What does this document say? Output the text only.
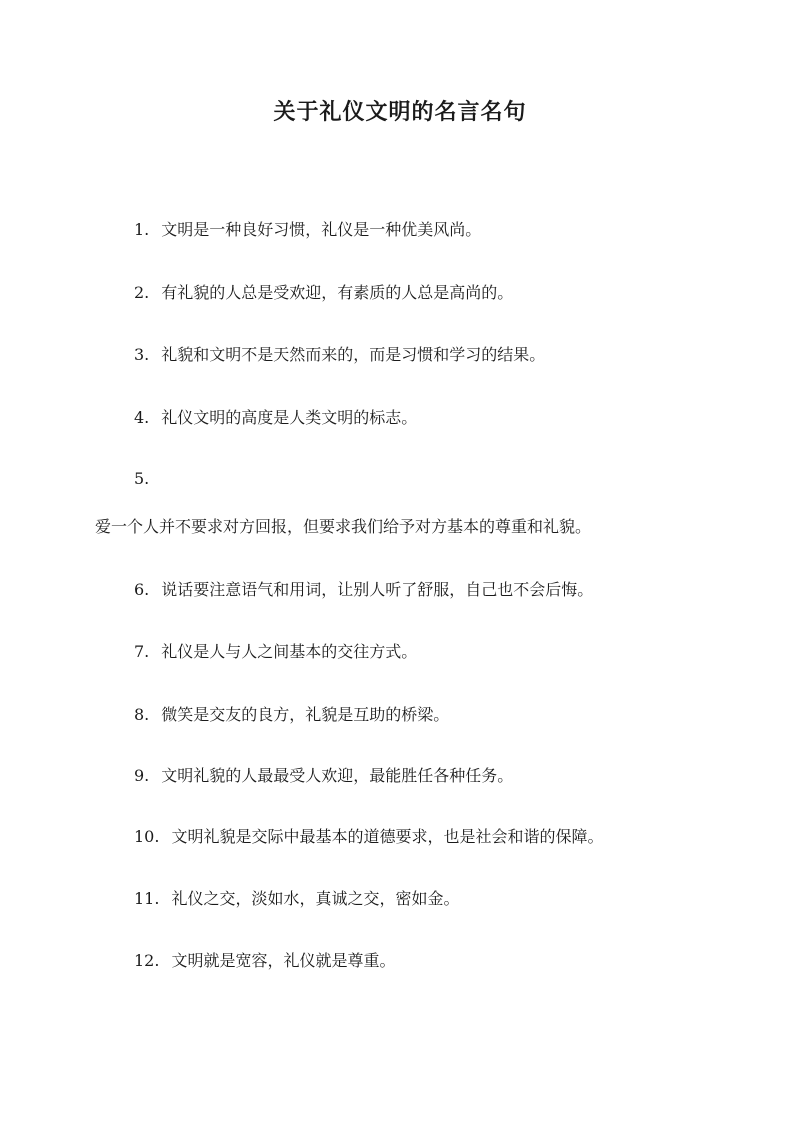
关于礼仪文明的名言名句
1. 文明是一种良好习惯，礼仪是一种优美风尚。
2. 有礼貌的人总是受欢迎，有素质的人总是高尚的。
3. 礼貌和文明不是天然而来的，而是习惯和学习的结果。
4. 礼仪文明的高度是人类文明的标志。
5.
爱一个人并不要求对方回报，但要求我们给予对方基本的尊重和礼貌。
6. 说话要注意语气和用词，让别人听了舒服，自己也不会后悔。
7. 礼仪是人与人之间基本的交往方式。
8. 微笑是交友的良方，礼貌是互助的桥梁。
9. 文明礼貌的人最最受人欢迎，最能胜任各种任务。
10. 文明礼貌是交际中最基本的道德要求，也是社会和谐的保障。
11. 礼仪之交，淡如水，真诚之交，密如金。
12. 文明就是宽容，礼仪就是尊重。
